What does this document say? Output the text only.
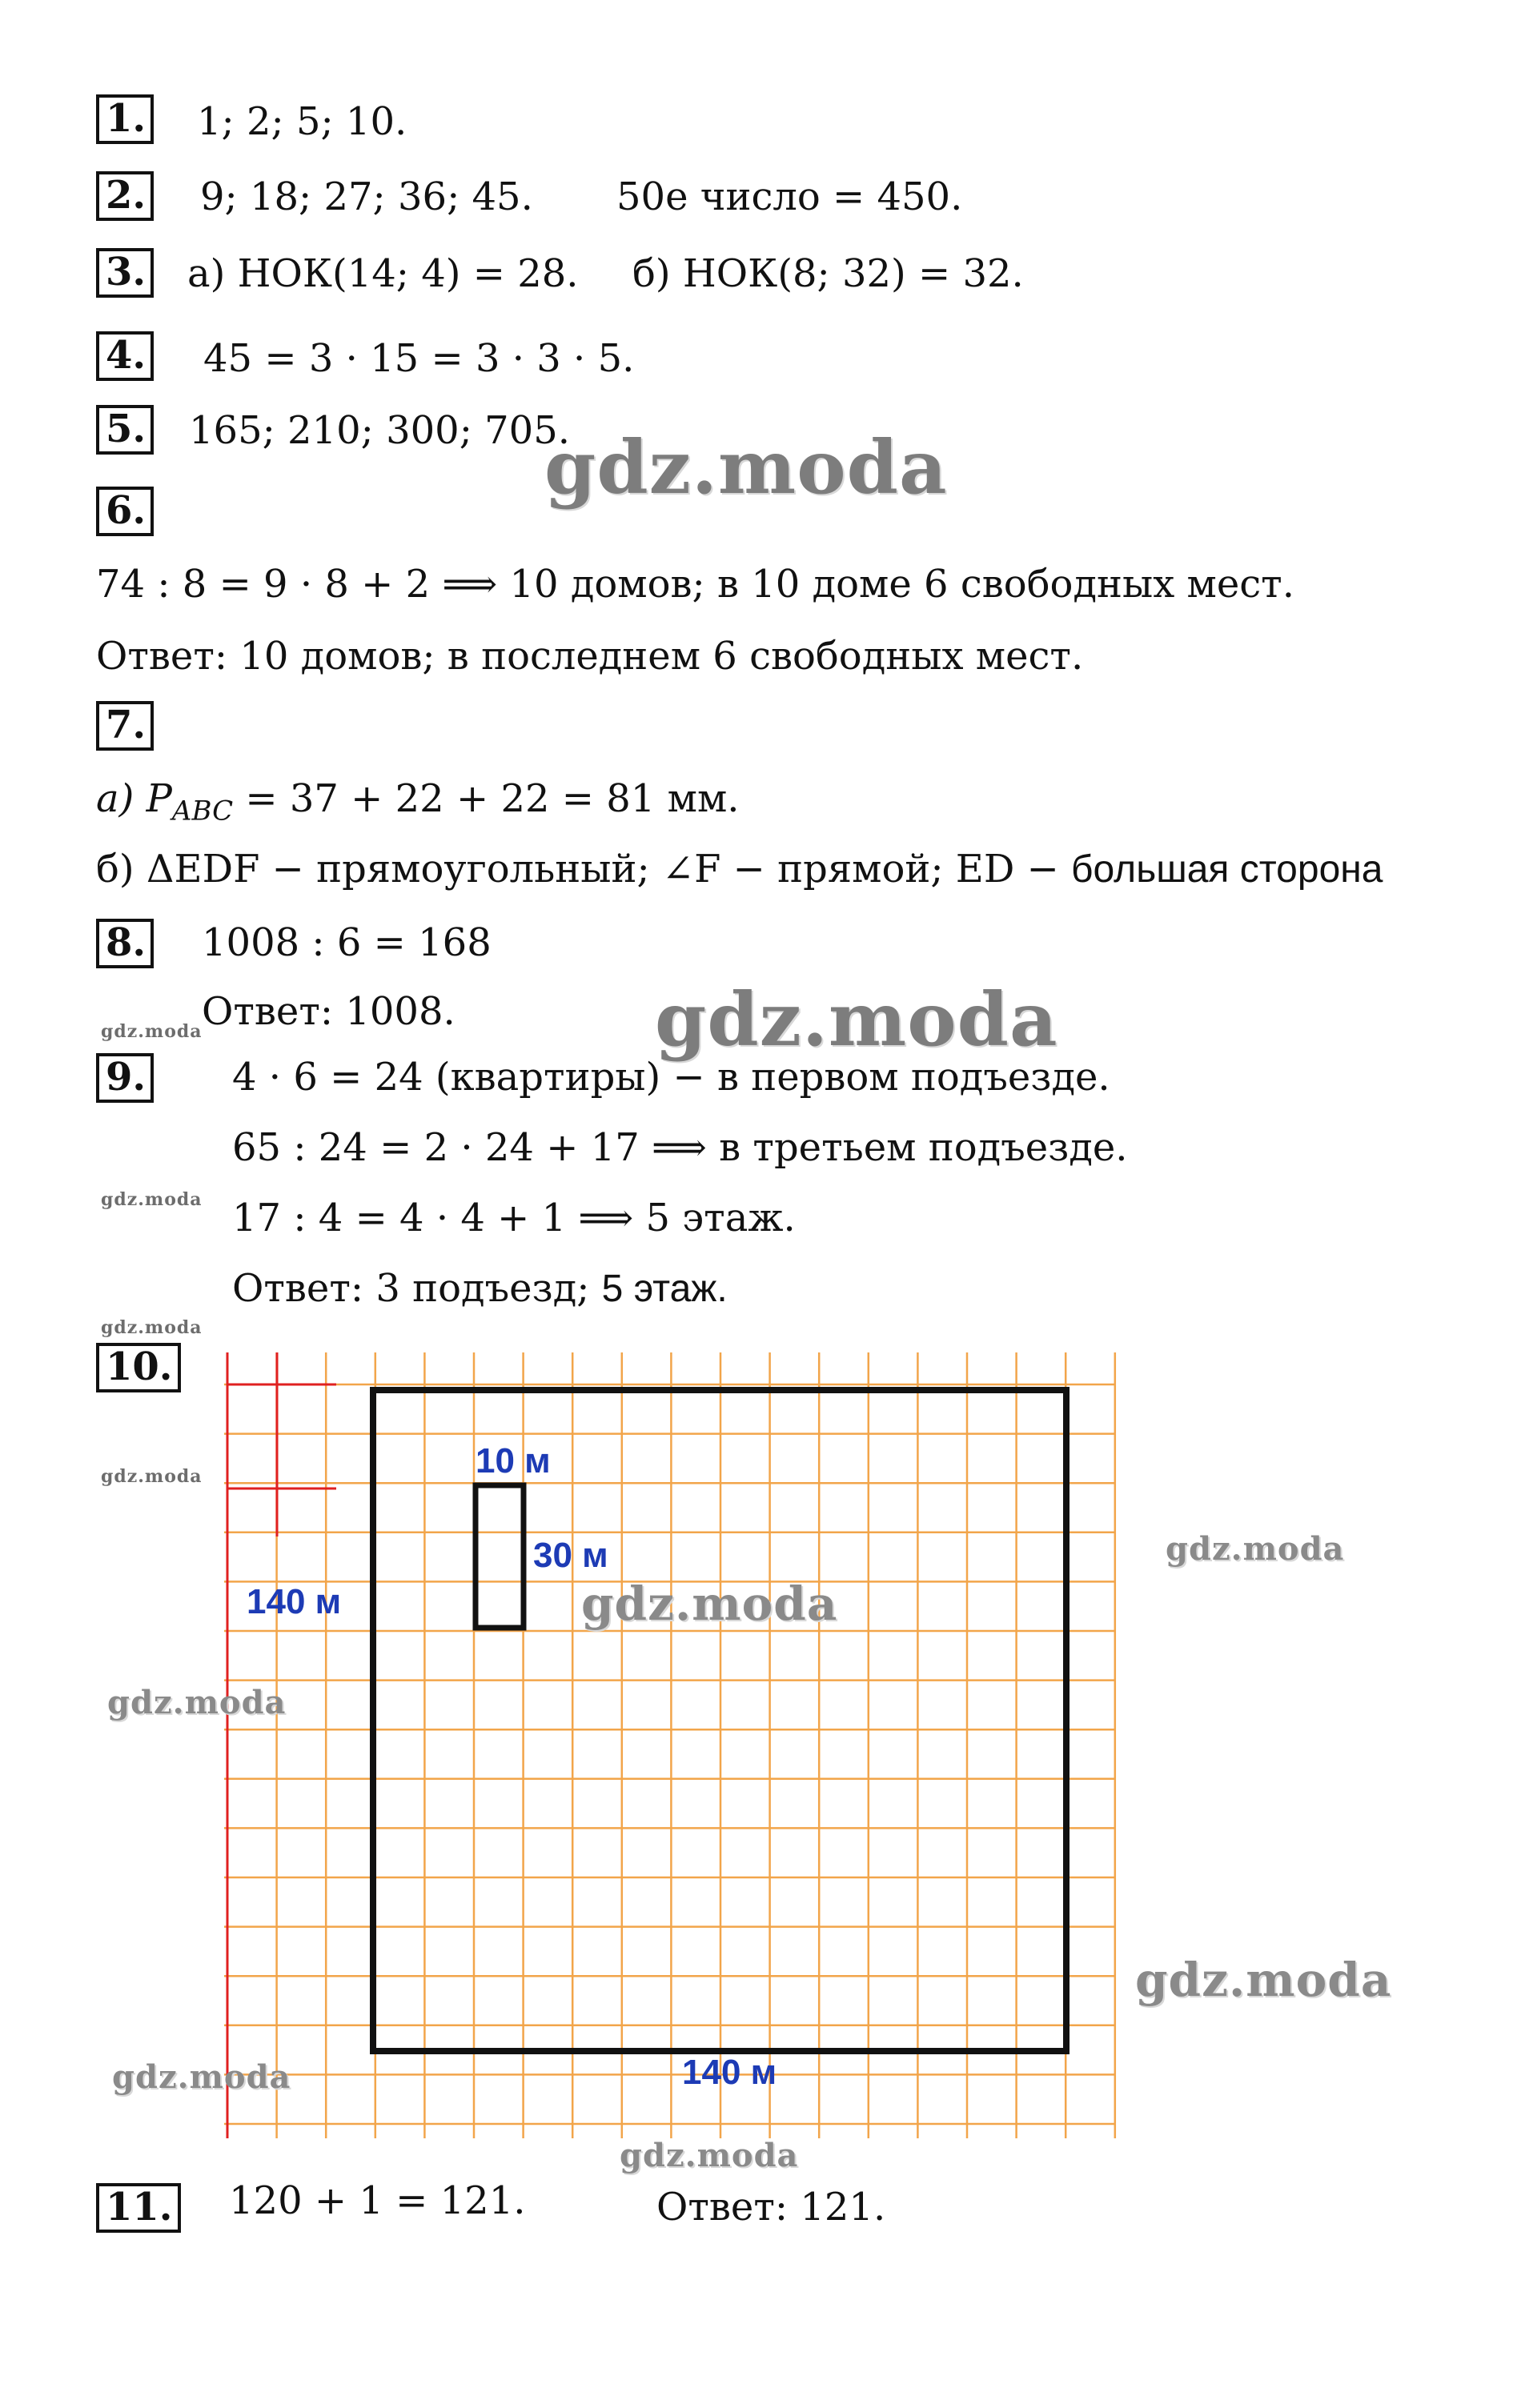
1.
2.
3.
4.
5.
6.
7.
8.
9.
10.
11.
1; 2; 5; 10.
9; 18; 27; 36; 45. 50е число = 450.
а) НОК(14; 4) = 28. б) НОК(8; 32) = 32.
45 = 3 · 15 = 3 · 3 · 5.
165; 210; 300; 705.
74 : 8 = 9 · 8 + 2 ⟹ 10 домов; в 10 доме 6 свободных мест.
Ответ: 10 домов; в последнем 6 свободных мест.
а) $P_{ABC} = 37 + 22 + 22 = 81$ мм.
б) ΔEDF − прямоугольный; ∠F − прямой; ED − большая сторона
1008 : 6 = 168
Ответ: 1008.
4 · 6 = 24 (квартиры) − в первом подъезде.
65 : 24 = 2 · 24 + 17 ⟹ в третьем подъезде.
17 : 4 = 4 · 4 + 1 ⟹ 5 этаж.
Ответ: 3 подъезд; 5 этаж.
120 + 1 = 121.	Ответ: 121.
10 м
30 м
140 м
140 м
gdz.moda
gdz.moda
gdz.moda
gdz.moda
gdz.moda
gdz.moda
gdz.moda
gdz.moda
gdz.moda
gdz.moda
gdz.moda
gdz.moda
